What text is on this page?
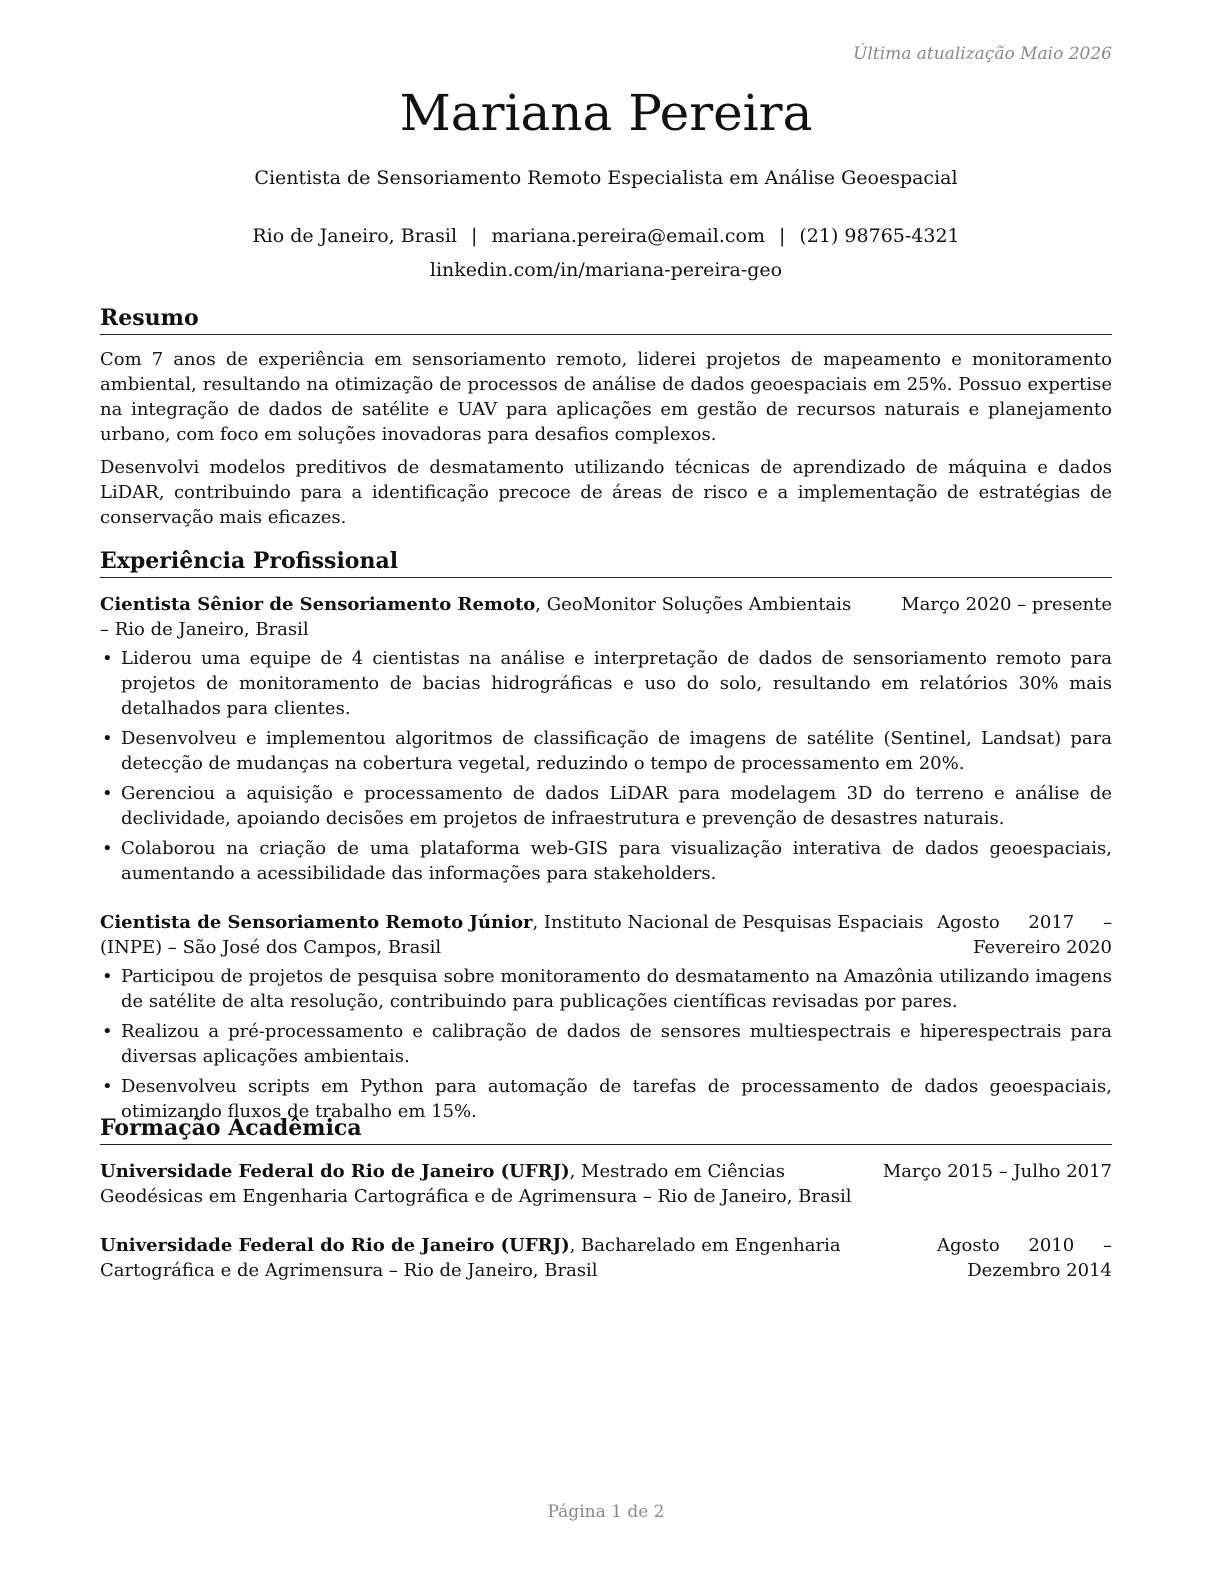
Última atualização Maio 2026
Mariana Pereira
Cientista de Sensoriamento Remoto Especialista em Análise Geoespacial
Rio de Janeiro, Brasil | mariana.pereira@email.com | (21) 98765-4321
linkedin.com/in/mariana-pereira-geo
Resumo

Com 7 anos de experiência em sensoriamento remoto, liderei projetos de mapeamento e monitoramento ambiental, resultando na otimização de processos de análise de dados geoespaciais em 25%. Possuo expertise na integração de dados de satélite e UAV para aplicações em gestão de recursos naturais e planejamento urbano, com foco em soluções inovadoras para desafios complexos.

Desenvolvi modelos preditivos de desmatamento utilizando técnicas de aprendizado de máquina e dados LiDAR, contribuindo para a identificação precoce de áreas de risco e a implementação de estratégias de conservação mais eficazes.

Experiência Profissional
Cientista Sênior de Sensoriamento Remoto, GeoMonitor Soluções Ambientais – Rio de Janeiro, Brasil
Março 2020 – presente
• Liderou uma equipe de 4 cientistas na análise e interpretação de dados de sensoriamento remoto para projetos de monitoramento de bacias hidrográficas e uso do solo, resultando em relatórios 30% mais detalhados para clientes.
• Desenvolveu e implementou algoritmos de classificação de imagens de satélite (Sentinel, Landsat) para detecção de mudanças na cobertura vegetal, reduzindo o tempo de processamento em 20%.
• Gerenciou a aquisição e processamento de dados LiDAR para modelagem 3D do terreno e análise de declividade, apoiando decisões em projetos de infraestrutura e prevenção de desastres naturais.
• Colaborou na criação de uma plataforma web-GIS para visualização interativa de dados geoespaciais, aumentando a acessibilidade das informações para stakeholders.
Cientista de Sensoriamento Remoto Júnior, Instituto Nacional de Pesquisas Espaciais (INPE) – São José dos Campos, Brasil
Agosto 2017 – Fevereiro 2020
• Participou de projetos de pesquisa sobre monitoramento do desmatamento na Amazônia utilizando imagens de satélite de alta resolução, contribuindo para publicações científicas revisadas por pares.
• Realizou a pré-processamento e calibração de dados de sensores multiespectrais e hiperespectrais para diversas aplicações ambientais.
• Desenvolveu scripts em Python para automação de tarefas de processamento de dados geoespaciais, otimizando fluxos de trabalho em 15%.
Formação Acadêmica
Universidade Federal do Rio de Janeiro (UFRJ), Mestrado em Ciências Geodésicas em Engenharia Cartográfica e de Agrimensura – Rio de Janeiro, Brasil
Março 2015 – Julho 2017
Universidade Federal do Rio de Janeiro (UFRJ), Bacharelado em Engenharia Cartográfica e de Agrimensura – Rio de Janeiro, Brasil
Agosto 2010 – Dezembro 2014
Página 1 de 2
